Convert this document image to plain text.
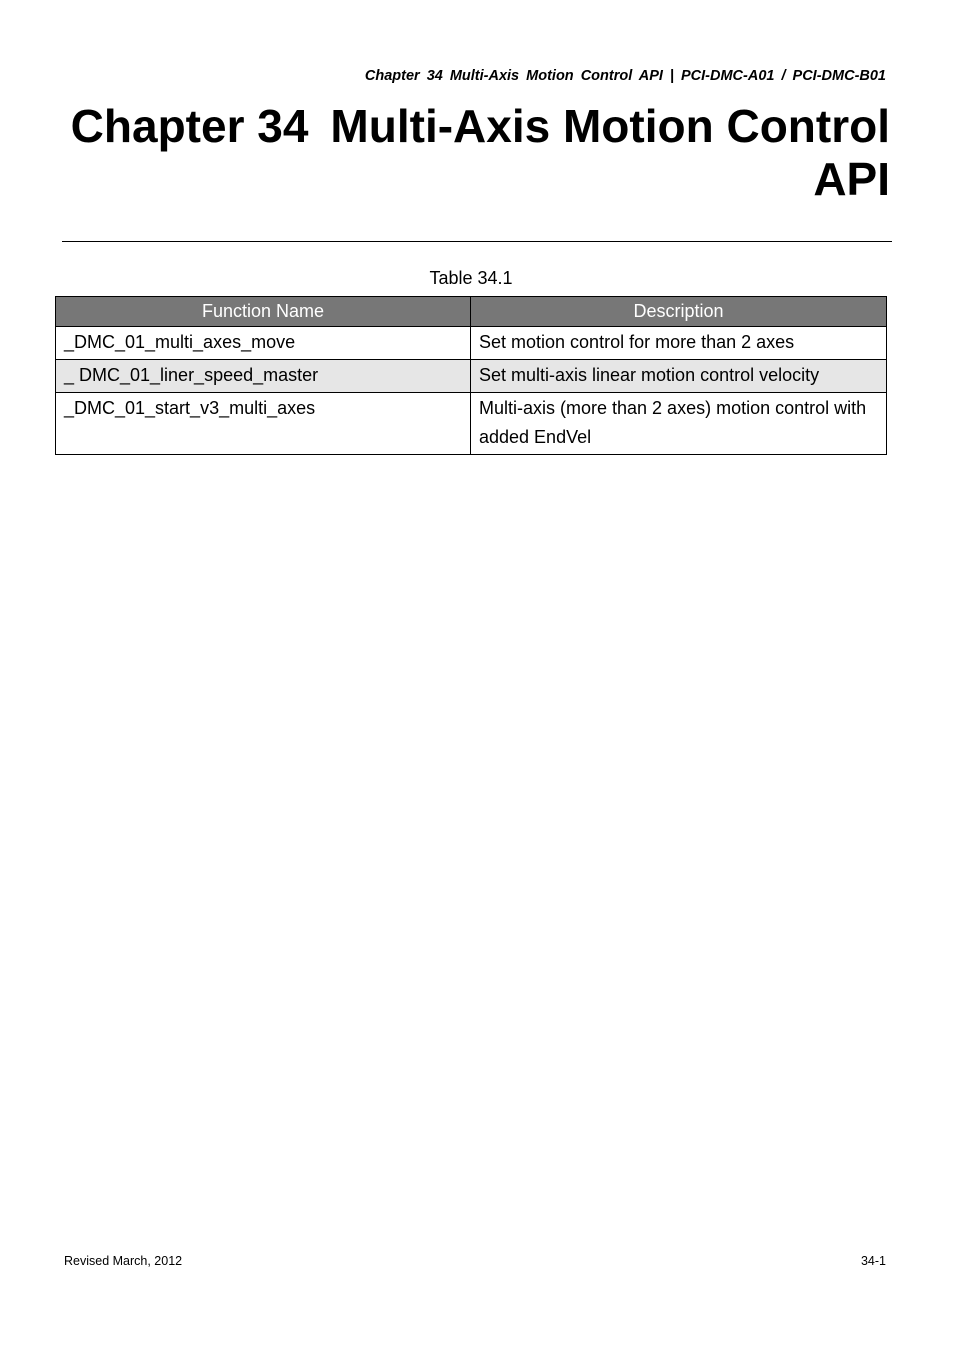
Chapter 34 Multi-Axis Motion Control API | PCI-DMC-A01 / PCI-DMC-B01
Chapter 34 Multi-Axis Motion Control
API
Table 34.1
Function Name	Description
_DMC_01_multi_axes_move	Set motion control for more than 2 axes
_ DMC_01_liner_speed_master	Set multi-axis linear motion control velocity
_DMC_01_start_v3_multi_axes	Multi-axis (more than 2 axes) motion control with added EndVel
Revised March, 2012	34-1
